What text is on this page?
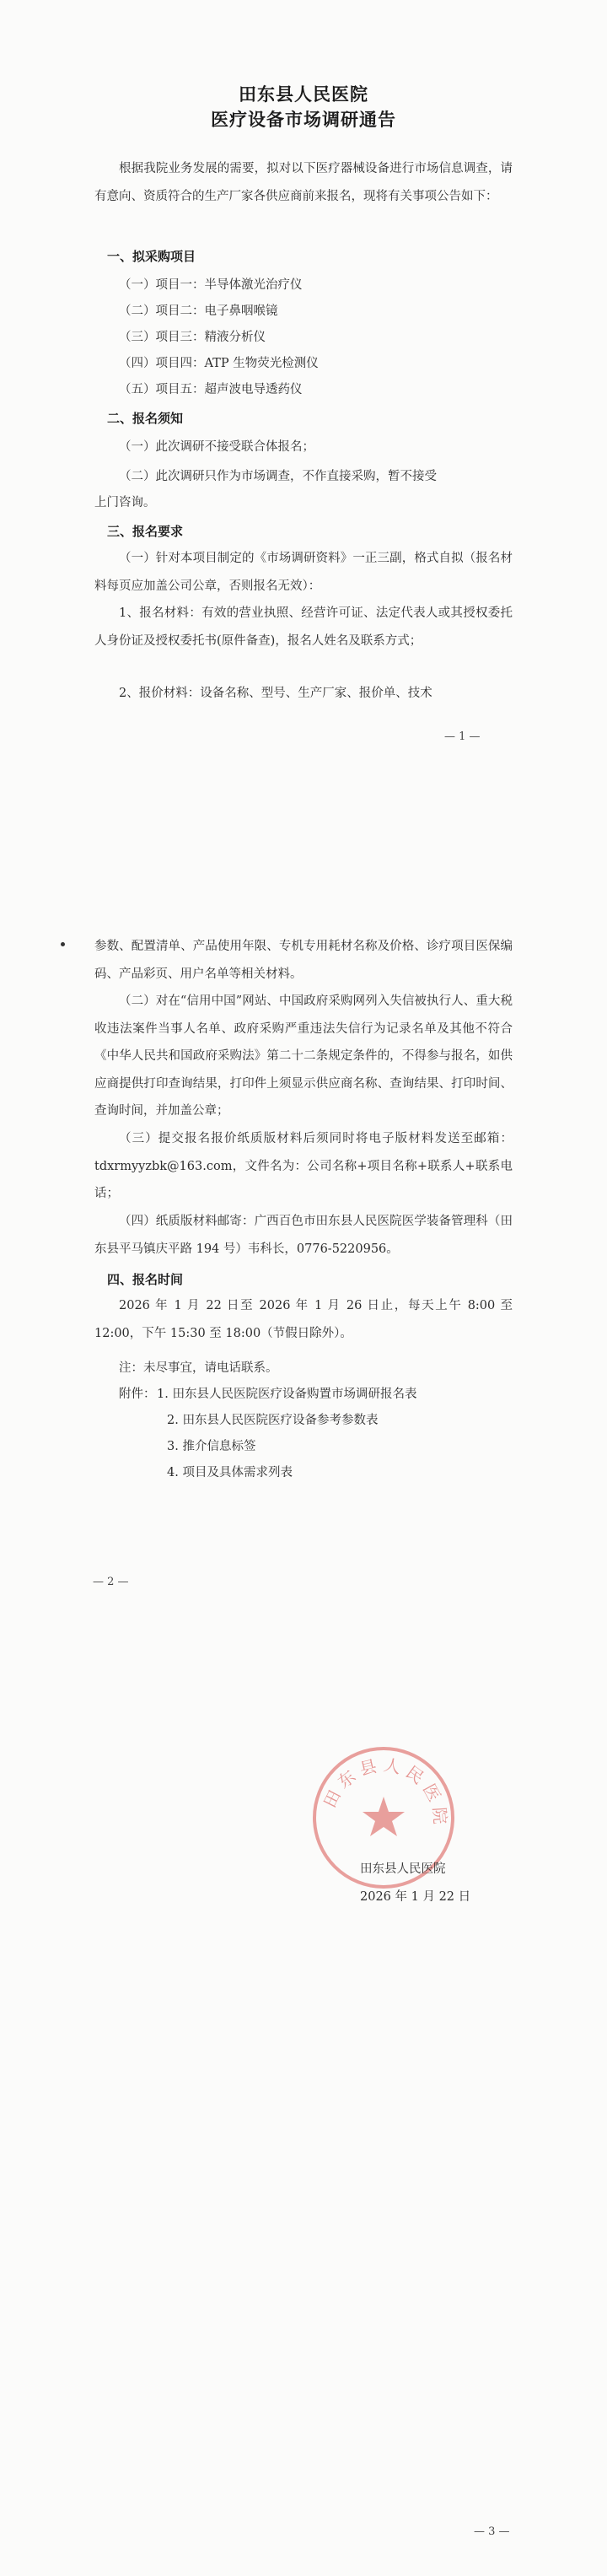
田东县人民医院
医疗设备市场调研通告
根据我院业务发展的需要，拟对以下医疗器械设备进行市场信息调查，请有意向、资质符合的生产厂家各供应商前来报名，现将有关事项公告如下：
一、拟采购项目
（一）项目一：半导体激光治疗仪
（二）项目二：电子鼻咽喉镜
（三）项目三：精液分析仪
（四）项目四：ATP 生物荧光检测仪
（五）项目五：超声波电导透药仪
二、报名须知
（一）此次调研不接受联合体报名；
（二）此次调研只作为市场调查，不作直接采购，暂不接受
上门咨询。
三、报名要求
（一）针对本项目制定的《市场调研资料》一正三副，格式自拟（报名材料每页应加盖公司公章，否则报名无效）：
1、报名材料：有效的营业执照、经营许可证、法定代表人或其授权委托人身份证及授权委托书(原件备查)，报名人姓名及联系方式；
2、报价材料：设备名称、型号、生产厂家、报价单、技术
— 1 —
参数、配置清单、产品使用年限、专机专用耗材名称及价格、诊疗项目医保编码、产品彩页、用户名单等相关材料。
（二）对在“信用中国”网站、中国政府采购网列入失信被执行人、重大税收违法案件当事人名单、政府采购严重违法失信行为记录名单及其他不符合《中华人民共和国政府采购法》第二十二条规定条件的，不得参与报名，如供应商提供打印查询结果，打印件上须显示供应商名称、查询结果、打印时间、查询时间，并加盖公章；
（三）提交报名报价纸质版材料后须同时将电子版材料发送至邮箱：tdxrmyyzbk@163.com，文件名为：公司名称+项目名称+联系人+联系电话；
（四）纸质版材料邮寄：广西百色市田东县人民医院医学装备管理科（田东县平马镇庆平路 194 号）韦科长，0776-5220956。
四、报名时间
2026 年 1 月 22 日至 2026 年 1 月 26 日止，每天上午 8:00 至 12:00，下午 15:30 至 18:00（节假日除外）。
注：未尽事宜，请电话联系。
附件： 1. 田东县人民医院医疗设备购置市场调研报名表
2. 田东县人民医院医疗设备参考参数表
3. 推介信息标签
4. 项目及具体需求列表
— 2 —
田东县人民医院
田东县人民医院
2026 年 1 月 22 日
— 3 —
